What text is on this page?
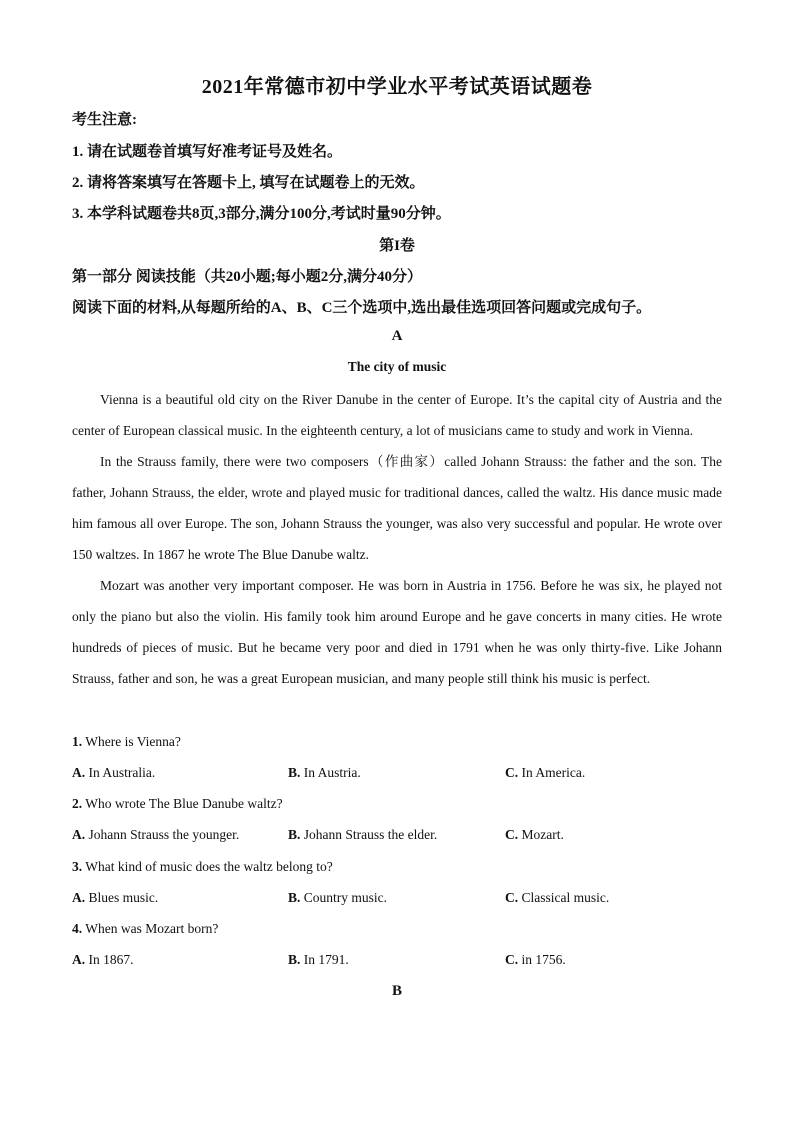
2021年常德市初中学业水平考试英语试题卷
考生注意:
1. 请在试题卷首填写好准考证号及姓名。
2. 请将答案填写在答题卡上, 填写在试题卷上的无效。
3. 本学科试题卷共8页,3部分,满分100分,考试时量90分钟。
第I卷
第一部分 阅读技能（共20小题;每小题2分,满分40分）
阅读下面的材料,从每题所给的A、B、C三个选项中,选出最佳选项回答问题或完成句子。
A
The city of music

Vienna is a beautiful old city on the River Danube in the center of Europe. It’s the capital city of Austria and the center of European classical music. In the eighteenth century, a lot of musicians came to study and work in Vienna.

In the Strauss family, there were two composers（作曲家）called Johann Strauss: the father and the son. The father, Johann Strauss, the elder, wrote and played music for traditional dances, called the waltz. His dance music made him famous all over Europe. The son, Johann Strauss the younger, was also very successful and popular. He wrote over 150 waltzes. In 1867 he wrote The Blue Danube waltz.

Mozart was another very important composer. He was born in Austria in 1756. Before he was six, he played not only the piano but also the violin. His family took him around Europe and he gave concerts in many cities. He wrote hundreds of pieces of music. But he became very poor and died in 1791 when he was only thirty-five. Like Johann Strauss, father and son, he was a great European musician, and many people still think his music is perfect.

1. Where is Vienna?
A. In Australia.	B. In Austria.	C. In America.
2. Who wrote The Blue Danube waltz?
A. Johann Strauss the younger.	B. Johann Strauss the elder.	C. Mozart.
3. What kind of music does the waltz belong to?
A. Blues music.	B. Country music.	C. Classical music.
4. When was Mozart born?
A. In 1867.	B. In 1791.	C. in 1756.
B
